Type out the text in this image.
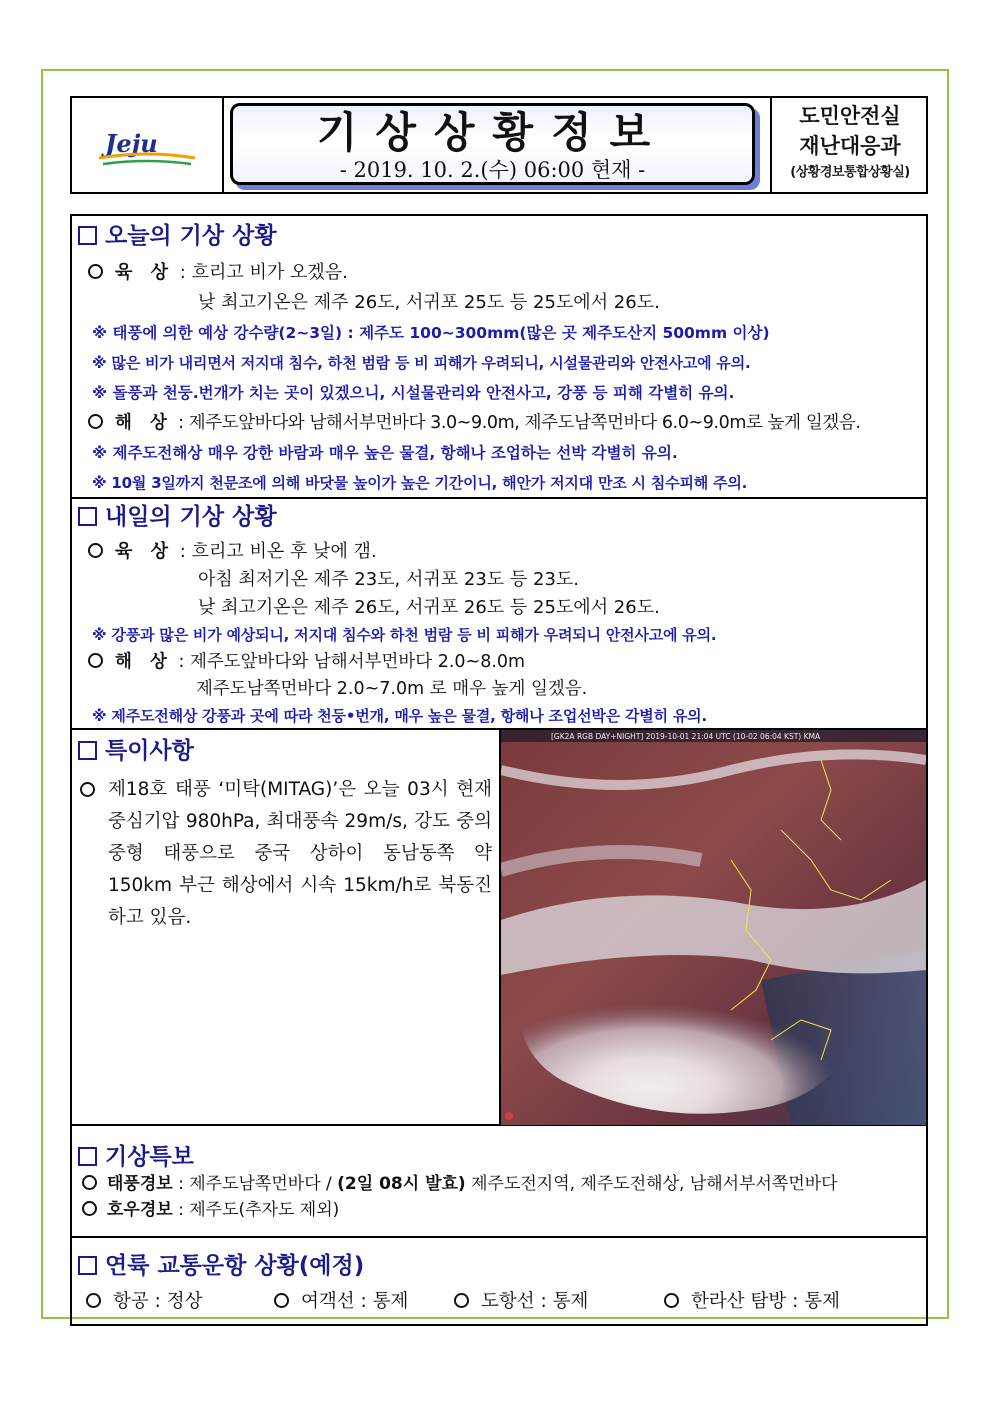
Jeju	기상상황정보
- 2019. 10. 2.(수) 06:00 현재 -
도민안전실
재난대응과
(상황경보통합상황실)
오늘의 기상 상황
육 상 : 흐리고 비가 오겠음.
낮 최고기온은 제주 26도, 서귀포 25도 등 25도에서 26도.
※ 태풍에 의한 예상 강수량(2~3일) : 제주도 100~300mm(많은 곳 제주도산지 500mm 이상)
※ 많은 비가 내리면서 저지대 침수, 하천 범람 등 비 피해가 우려되니, 시설물관리와 안전사고에 유의.
※ 돌풍과 천둥.번개가 치는 곳이 있겠으니, 시설물관리와 안전사고, 강풍 등 피해 각별히 유의.
해 상 : 제주도앞바다와 남해서부먼바다 3.0~9.0m, 제주도남쪽먼바다 6.0~9.0m로 높게 일겠음.
※ 제주도전해상 매우 강한 바람과 매우 높은 물결, 항해나 조업하는 선박 각별히 유의.
※ 10월 3일까지 천문조에 의해 바닷물 높이가 높은 기간이니, 해안가 저지대 만조 시 침수피해 주의.
내일의 기상 상황
육 상 : 흐리고 비온 후 낮에 갬.
아침 최저기온 제주 23도, 서귀포 23도 등 23도.
낮 최고기온은 제주 26도, 서귀포 26도 등 25도에서 26도.
※ 강풍과 많은 비가 예상되니, 저지대 침수와 하천 범람 등 비 피해가 우려되니 안전사고에 유의.
해 상 : 제주도앞바다와 남해서부먼바다 2.0~8.0m
제주도남쪽먼바다 2.0~7.0m 로 매우 높게 일겠음.
※ 제주도전해상 강풍과 곳에 따라 천둥•번개, 매우 높은 물결, 항해나 조업선박은 각별히 유의.
특이사항
제18호 태풍 ‘미탁(MITAG)’은 오늘 03시 현재 중심기압 980hPa, 최대풍속 29m/s, 강도 중의 중형 태풍으로 중국 상하이 동남동쪽 약 150km 부근 해상에서 시속 15km/h로 북동진하고 있음.
[GK2A RGB DAY+NIGHT] 2019-10-01 21:04 UTC (10-02 06:04 KST) KMA
기상특보
태풍경보 : 제주도남쪽먼바다 / (2일 08시 발효) 제주도전지역, 제주도전해상, 남해서부서쪽먼바다
호우경보 : 제주도(추자도 제외)
연륙 교통운항 상황(예정)
항공 : 정상	여객선 : 통제	도항선 : 통제	한라산 탐방 : 통제
